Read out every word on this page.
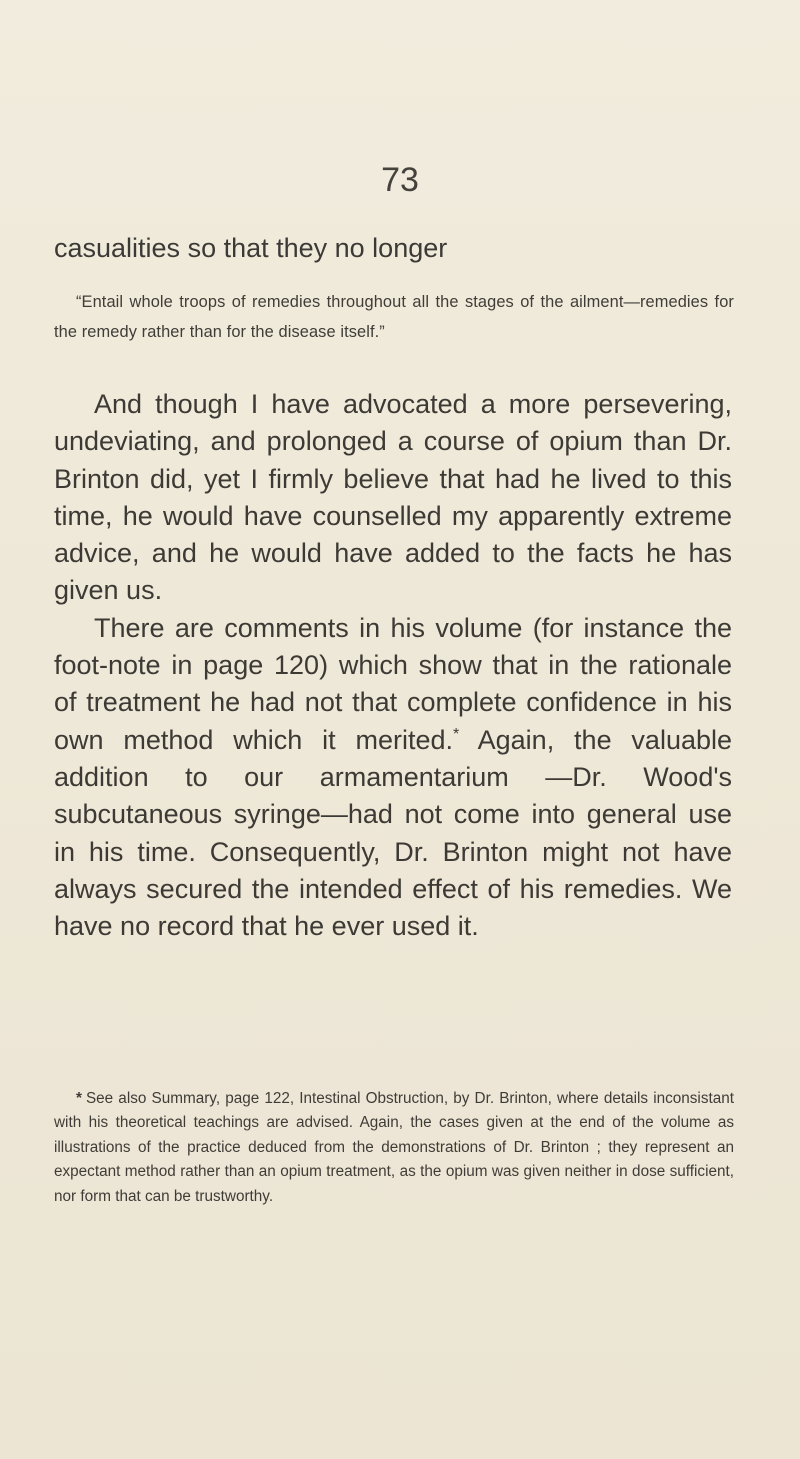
73
casualities so that they no longer

“Entail whole troops of remedies throughout all the stages of the ailment—remedies for the remedy rather than for the disease itself.”

And though I have advocated a more persevering, undeviating, and prolonged a course of opium than Dr. Brinton did, yet I firmly believe that had he lived to this time, he would have counselled my apparently extreme advice, and he would have added to the facts he has given us.

There are comments in his volume (for instance the foot-note in page 120) which show that in the rationale of treatment he had not that complete confidence in his own method which it merited.* Again, the valuable addition to our armamentarium —Dr. Wood's subcutaneous syringe—had not come into general use in his time. Consequently, Dr. Brinton might not have always secured the intended effect of his remedies. We have no record that he ever used it.

* See also Summary, page 122, Intestinal Obstruction, by Dr. Brinton, where details inconsistant with his theoretical teachings are advised. Again, the cases given at the end of the volume as illustrations of the practice deduced from the demonstrations of Dr. Brinton ; they represent an expectant method rather than an opium treatment, as the opium was given neither in dose sufficient, nor form that can be trustworthy.
